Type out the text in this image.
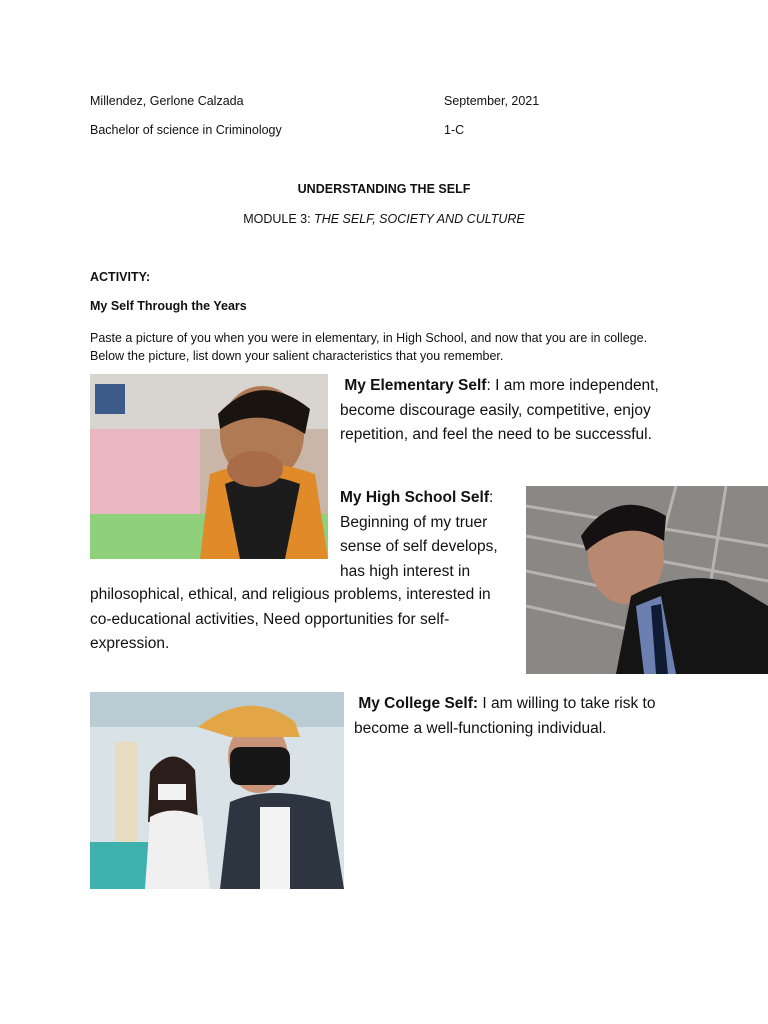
Millendez, Gerlone Calzada	September, 2021
Bachelor of science in Criminology	1-C
UNDERSTANDING THE SELF
MODULE 3: THE SELF, SOCIETY AND CULTURE
ACTIVITY:
My Self Through the Years
Paste a picture of you when you were in elementary, in High School, and now that you are in college.
Below the picture, list down your salient characteristics that you remember.
My Elementary Self: I am more independent,
become discourage easily, competitive, enjoy
repetition, and feel the need to be successful.
My High School Self:
Beginning of my truer
sense of self develops,
has high interest in
philosophical, ethical, and religious problems, interested in
co-educational activities, Need opportunities for self-
expression.
My College Self: I am willing to take risk to
become a well-functioning individual.
